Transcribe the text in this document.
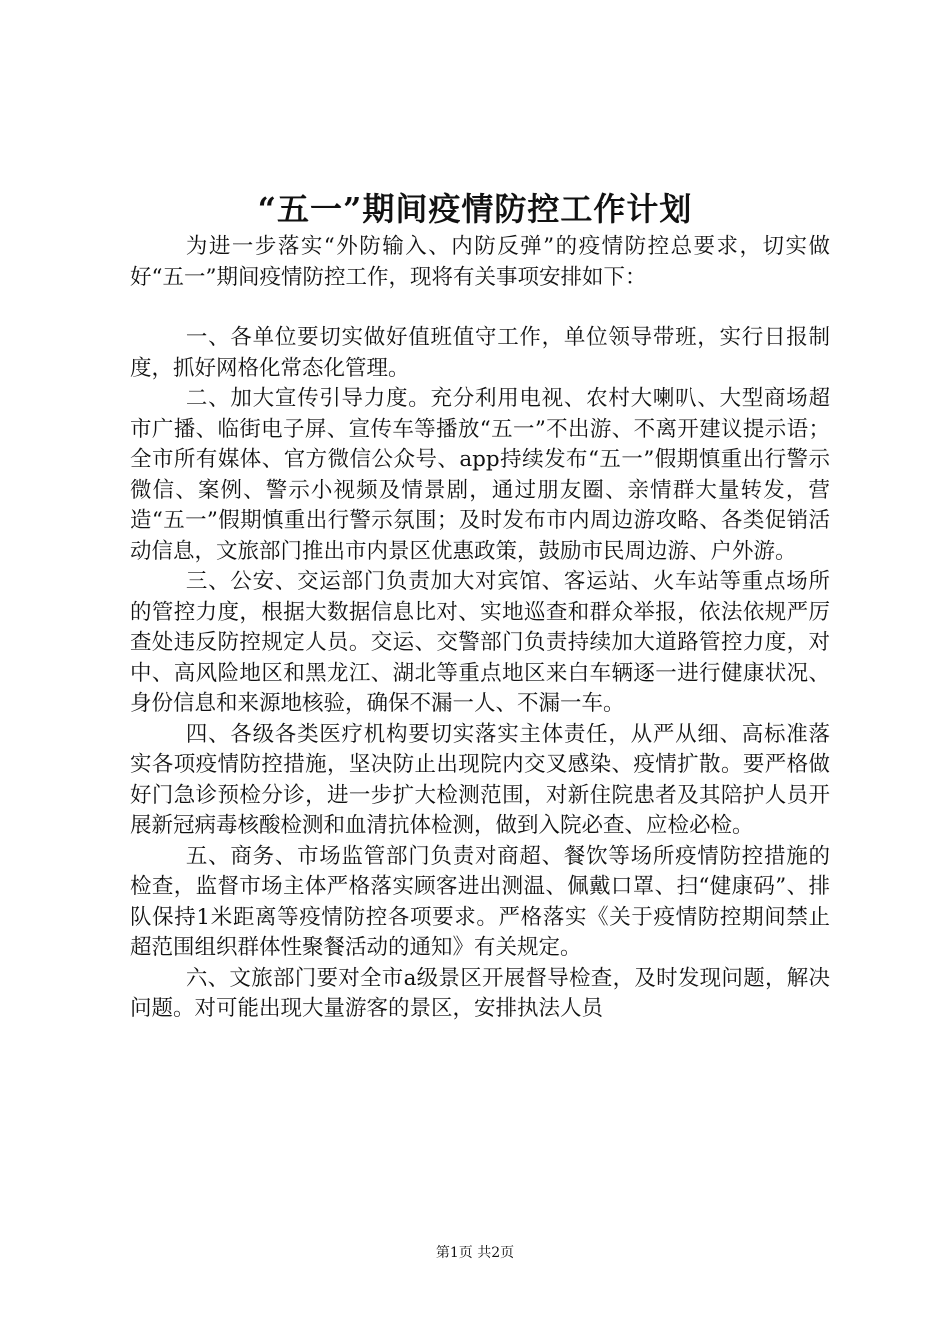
“五一”期间疫情防控工作计划

为进一步落实“外防输入、内防反弹”的疫情防控总要求，切实做好“五一”期间疫情防控工作，现将有关事项安排如下：

一、各单位要切实做好值班值守工作，单位领导带班，实行日报制度，抓好网格化常态化管理。

二、加大宣传引导力度。充分利用电视、农村大喇叭、大型商场超市广播、临街电子屏、宣传车等播放“五一”不出游、不离开建议提示语；全市所有媒体、官方微信公众号、app持续发布“五一”假期慎重出行警示微信、案例、警示小视频及情景剧，通过朋友圈、亲情群大量转发，营造“五一”假期慎重出行警示氛围；及时发布市内周边游攻略、各类促销活动信息，文旅部门推出市内景区优惠政策，鼓励市民周边游、户外游。

三、公安、交运部门负责加大对宾馆、客运站、火车站等重点场所的管控力度，根据大数据信息比对、实地巡查和群众举报，依法依规严厉查处违反防控规定人员。交运、交警部门负责持续加大道路管控力度，对中、高风险地区和黑龙江、湖北等重点地区来白车辆逐一进行健康状况、身份信息和来源地核验，确保不漏一人、不漏一车。

四、各级各类医疗机构要切实落实主体责任，从严从细、高标准落实各项疫情防控措施，坚决防止出现院内交叉感染、疫情扩散。要严格做好门急诊预检分诊，进一步扩大检测范围，对新住院患者及其陪护人员开展新冠病毒核酸检测和血清抗体检测，做到入院必查、应检必检。

五、商务、市场监管部门负责对商超、餐饮等场所疫情防控措施的检查，监督市场主体严格落实顾客进出测温、佩戴口罩、扫“健康码”、排队保持1米距离等疫情防控各项要求。严格落实《关于疫情防控期间禁止超范围组织群体性聚餐活动的通知》有关规定。

六、文旅部门要对全市a级景区开展督导检查，及时发现问题，解决问题。对可能出现大量游客的景区，安排执法人员

第1页 共2页
